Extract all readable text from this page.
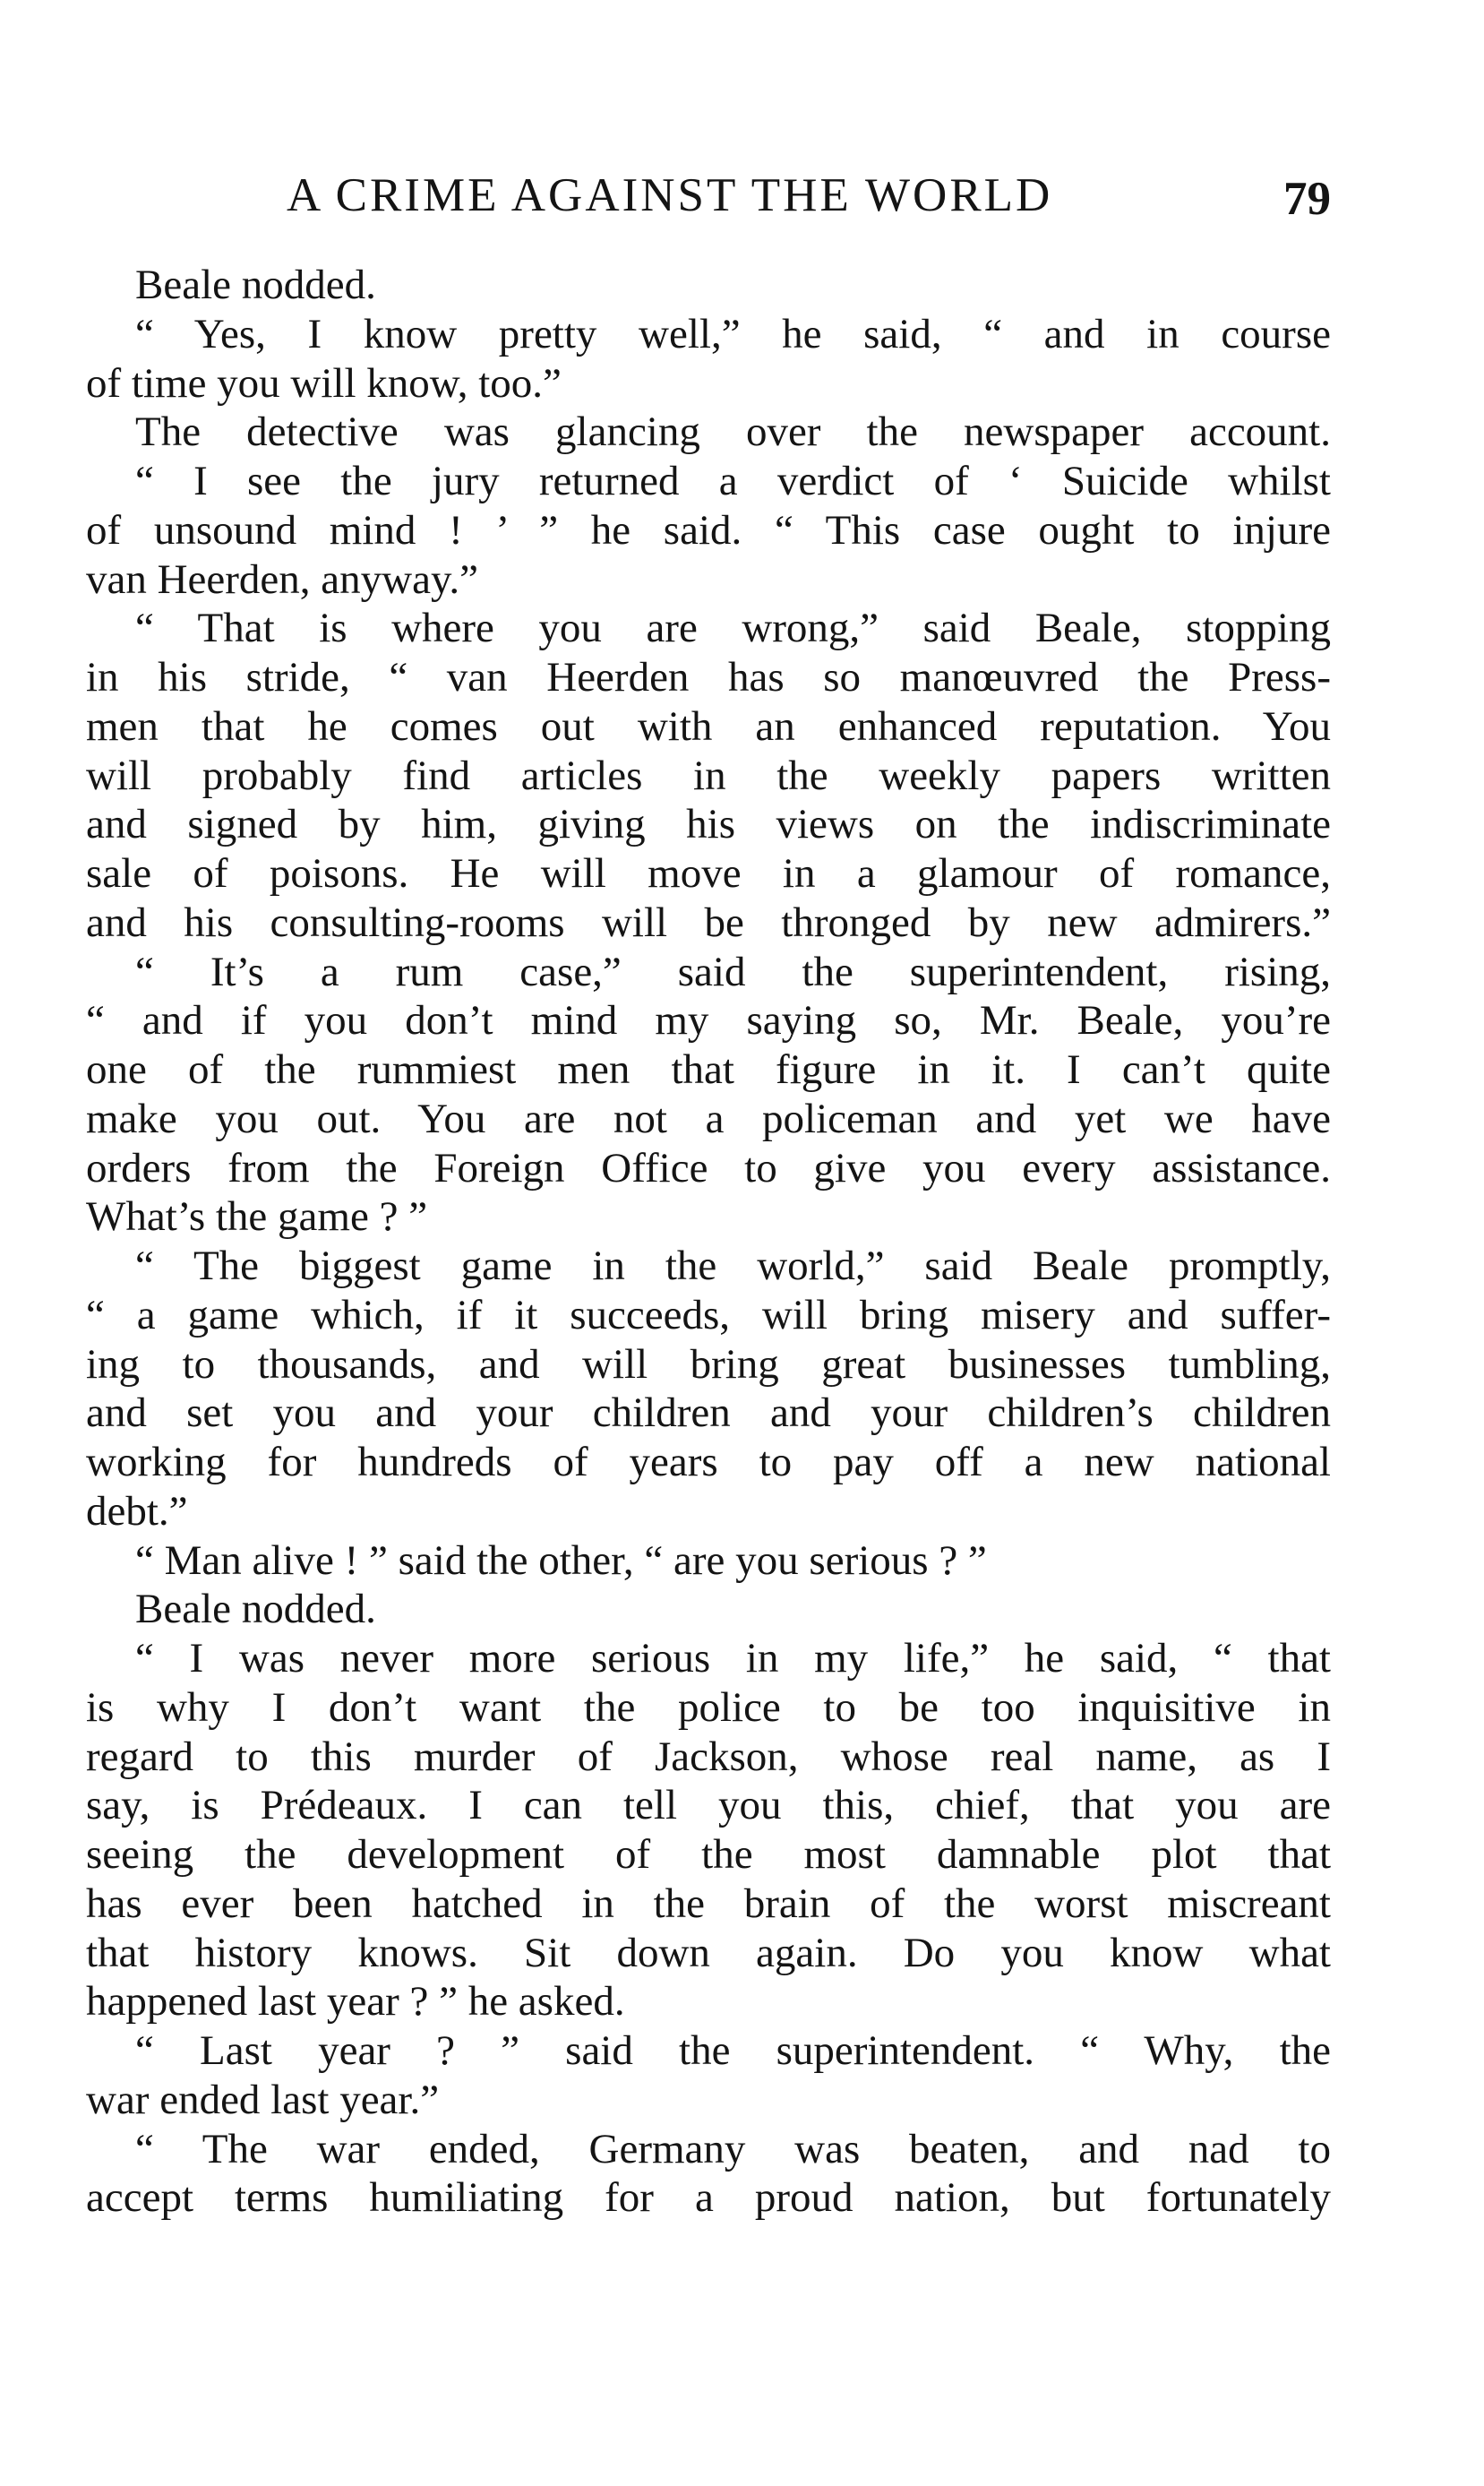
A CRIME AGAINST THE WORLD	79
Beale nodded.
“ Yes, I know pretty well,” he said, “ and in course
of time you will know, too.”
The detective was glancing over the newspaper account.
“ I see the jury returned a verdict of ‘ Suicide whilst
of unsound mind ! ’ ” he said. “ This case ought to injure
van Heerden, anyway.”
“ That is where you are wrong,” said Beale, stopping
in his stride, “ van Heerden has so manœuvred the Press-
men that he comes out with an enhanced reputation. You
will probably find articles in the weekly papers written
and signed by him, giving his views on the indiscriminate
sale of poisons. He will move in a glamour of romance,
and his consulting-rooms will be thronged by new admirers.”
“ It’s a rum case,” said the superintendent, rising,
“ and if you don’t mind my saying so, Mr. Beale, you’re
one of the rummiest men that figure in it. I can’t quite
make you out. You are not a policeman and yet we have
orders from the Foreign Office to give you every assistance.
What’s the game ? ”
“ The biggest game in the world,” said Beale promptly,
“ a game which, if it succeeds, will bring misery and suffer-
ing to thousands, and will bring great businesses tumbling,
and set you and your children and your children’s children
working for hundreds of years to pay off a new national
debt.”
“ Man alive ! ” said the other, “ are you serious ? ”
Beale nodded.
“ I was never more serious in my life,” he said, “ that
is why I don’t want the police to be too inquisitive in
regard to this murder of Jackson, whose real name, as I
say, is Prédeaux. I can tell you this, chief, that you are
seeing the development of the most damnable plot that
has ever been hatched in the brain of the worst miscreant
that history knows. Sit down again. Do you know what
happened last year ? ” he asked.
“ Last year ? ” said the superintendent. “ Why, the
war ended last year.”
“ The war ended, Germany was beaten, and nad to
accept terms humiliating for a proud nation, but fortunately
